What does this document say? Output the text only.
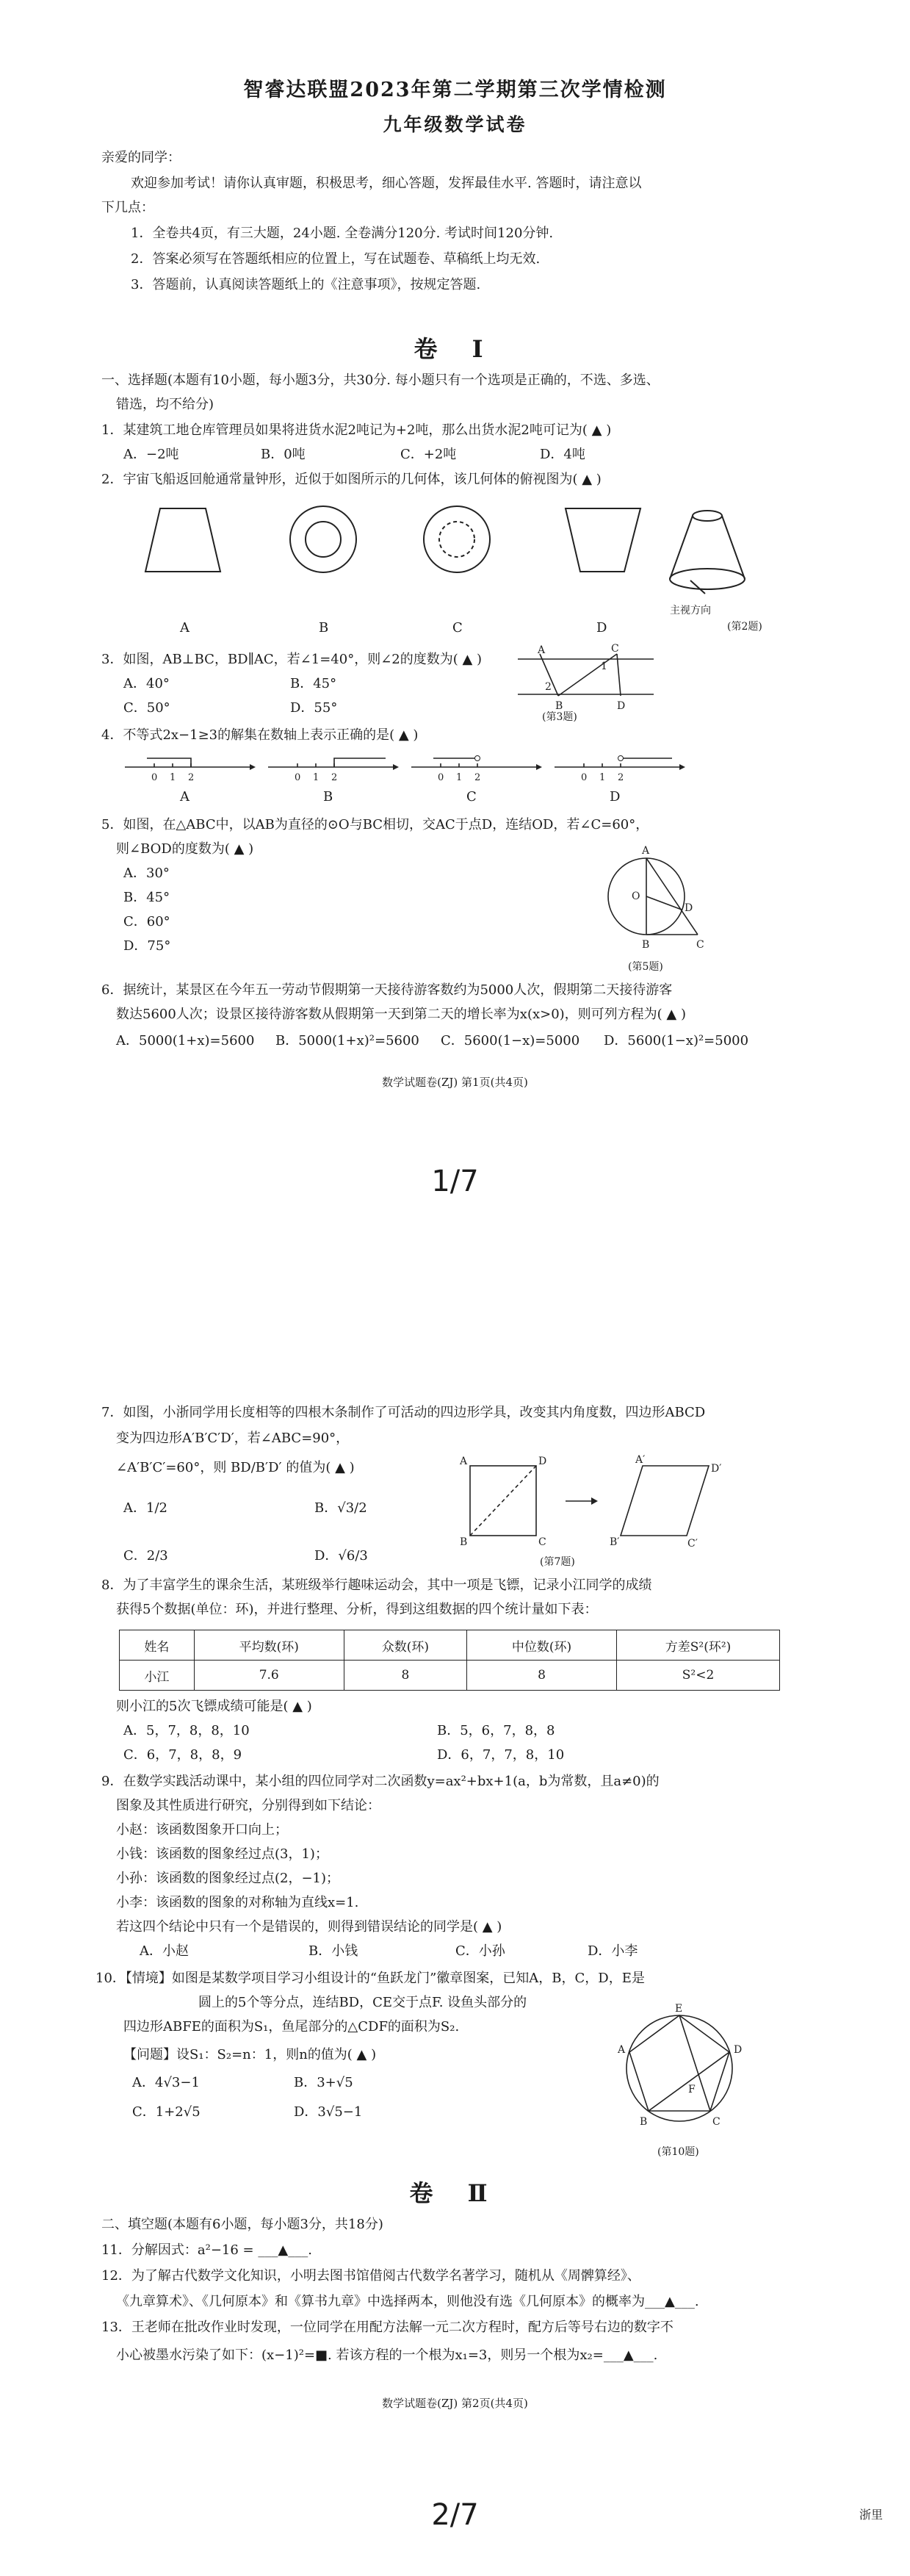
智睿达联盟2023年第二学期第三次学情检测
九年级数学试卷
亲爱的同学：
欢迎参加考试！请你认真审题，积极思考，细心答题，发挥最佳水平. 答题时，请注意以
下几点：
1．全卷共4页，有三大题，24小题. 全卷满分120分. 考试时间120分钟.
2．答案必须写在答题纸相应的位置上，写在试题卷、草稿纸上均无效.
3．答题前，认真阅读答题纸上的《注意事项》，按规定答题.
卷 Ⅰ
一、选择题(本题有10小题，每小题3分，共30分. 每小题只有一个选项是正确的，不选、多选、
错选，均不给分)
1．某建筑工地仓库管理员如果将进货水泥2吨记为+2吨，那么出货水泥2吨可记为( ▲ )
A．−2吨	B．0吨	C．+2吨	D．4吨
2．宇宙飞船返回舱通常量钟形，近似于如图所示的几何体，该几何体的俯视图为( ▲ )
A	B	C	D
主视方向
(第2题)
3．如图，AB⊥BC，BD∥AC，若∠1=40°，则∠2的度数为( ▲ )
A．40°	B．45°
C．50°	D．55°
A	C
2
1
B	D
(第3题)
4．不等式2x−1≥3的解集在数轴上表示正确的是( ▲ )
0 1 2	0 1 2	0 1 2	0 1 2
A	B	C	D
5．如图，在△ABC中，以AB为直径的⊙O与BC相切，交AC于点D，连结OD，若∠C=60°，
则∠BOD的度数为( ▲ )
A．30°
B．45°
C．60°
D．75°
A
O
D
B	C
(第5题)
6．据统计，某景区在今年五一劳动节假期第一天接待游客数约为5000人次，假期第二天接待游客
数达5600人次；设景区接待游客数从假期第一天到第二天的增长率为x(x>0)，则可列方程为( ▲ )
A．5000(1+x)=5600 B．5000(1+x)²=5600 C．5600(1−x)=5000 D．5600(1−x)²=5000
数学试题卷(ZJ) 第1页(共4页)
1/7
7．如图，小浙同学用长度相等的四根木条制作了可活动的四边形学具，改变其内角度数，四边形ABCD
变为四边形A′B′C′D′，若∠ABC=90°，
∠A′B′C′=60°，则 BD/B′D′ 的值为( ▲ )
A．1/2	B．√3/2
C．2/3	D．√6/3
A	D
B	C
A′
D′
B′	C′
(第7题)
8．为了丰富学生的课余生活，某班级举行趣味运动会，其中一项是飞镖，记录小江同学的成绩
获得5个数据(单位：环)，并进行整理、分析，得到这组数据的四个统计量如下表：
姓名	平均数(环)	众数(环)	中位数(环)	方差S²(环²)
小江	7.6	8	8	S²<2
则小江的5次飞镖成绩可能是( ▲ )
A．5，7，8，8，10	B．5，6，7，8，8
C．6，7，8，8，9	D．6，7，7，8，10
9．在数学实践活动课中，某小组的四位同学对二次函数y=ax²+bx+1(a，b为常数，且a≠0)的
图象及其性质进行研究，分别得到如下结论：
小赵：该函数图象开口向上；
小钱：该函数的图象经过点(3，1)；
小孙：该函数的图象经过点(2，−1)；
小李：该函数的图象的对称轴为直线x=1.
若这四个结论中只有一个是错误的，则得到错误结论的同学是( ▲ )
A．小赵	B．小钱	C．小孙	D．小李
10．【情境】如图是某数学项目学习小组设计的“鱼跃龙门”徽章图案，已知A，B，C，D，E是
圆上的5个等分点，连结BD，CE交于点F. 设鱼头部分的
四边形ABFE的面积为S₁，鱼尾部分的△CDF的面积为S₂.
【问题】设S₁：S₂=n：1，则n的值为( ▲ )
A．4√3−1	B．3+√5
C．1+2√5	D．3√5−1
E
D
C
B
A
F
(第10题)
卷 Ⅱ
二、填空题(本题有6小题，每小题3分，共18分)
11．分解因式：a²−16 = ___▲___.
12．为了解古代数学文化知识，小明去图书馆借阅古代数学名著学习，随机从《周髀算经》、
《九章算术》、《几何原本》和《算书九章》中选择两本，则他没有选《几何原本》的概率为___▲___.
13．王老师在批改作业时发现，一位同学在用配方法解一元二次方程时，配方后等号右边的数字不
小心被墨水污染了如下：(x−1)²=■. 若该方程的一个根为x₁=3，则另一个根为x₂=___▲___.
数学试题卷(ZJ) 第2页(共4页)
2/7	浙里
